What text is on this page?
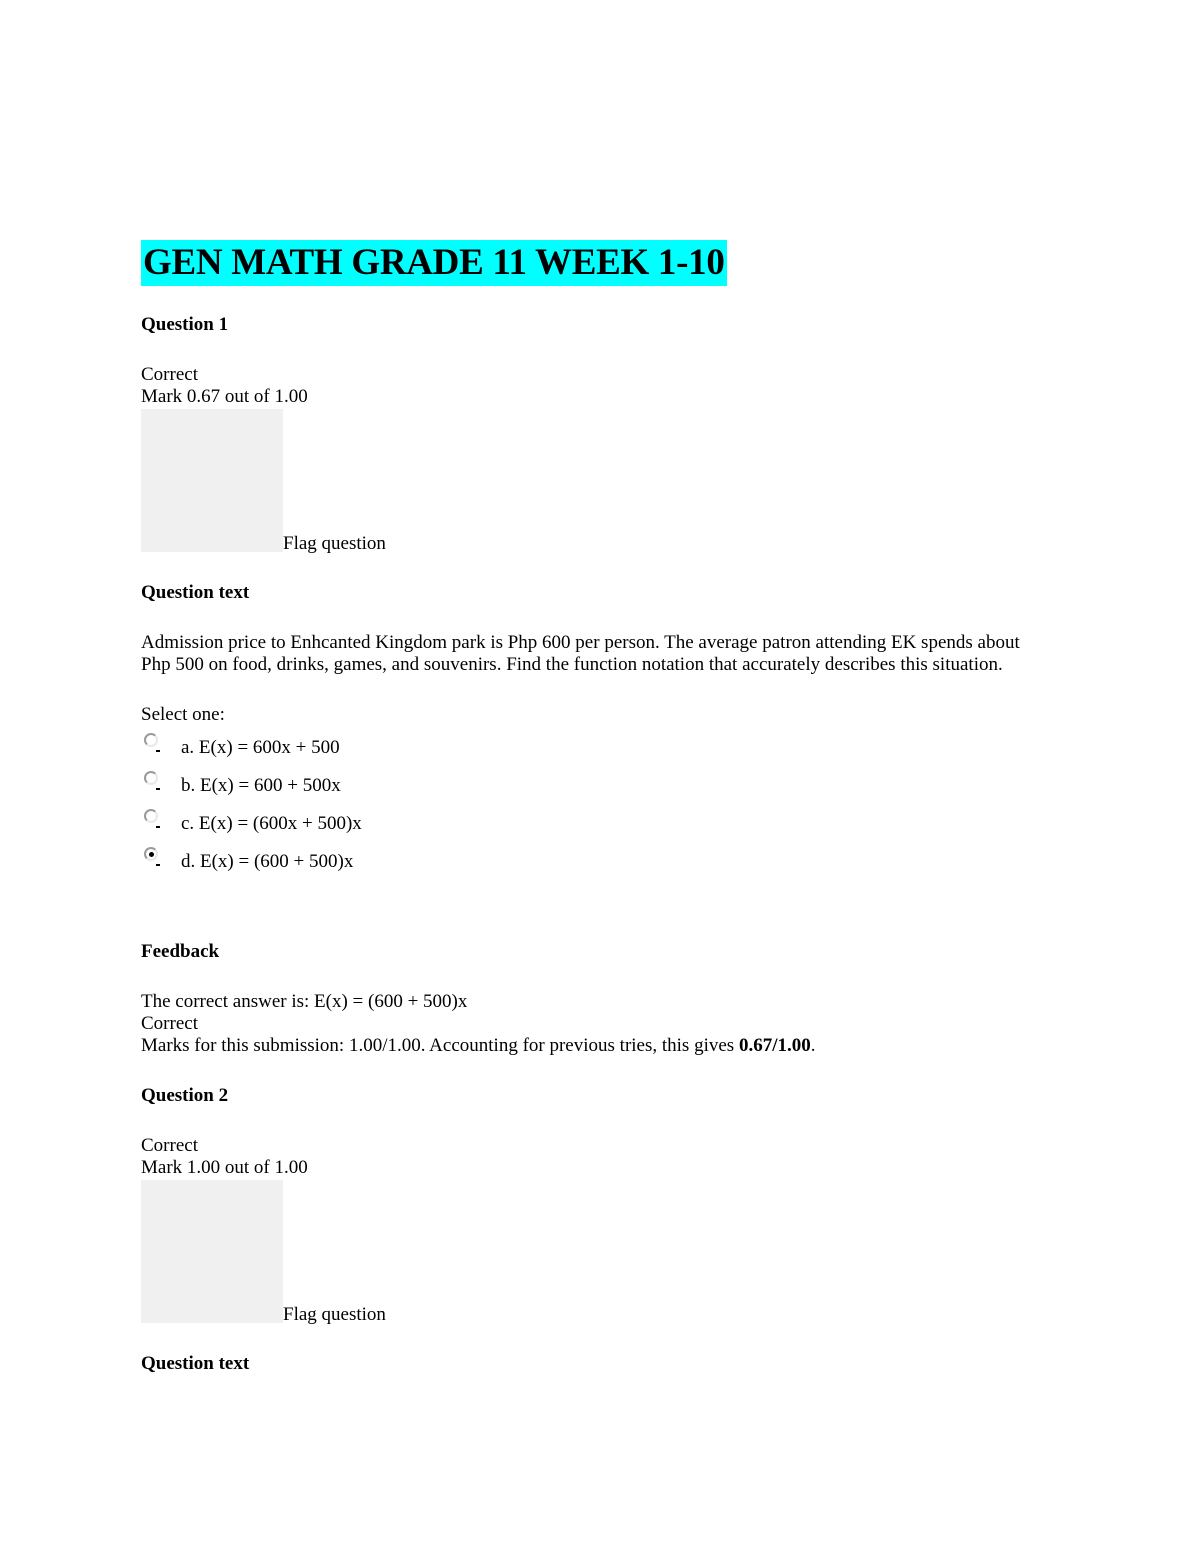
GEN MATH GRADE 11 WEEK 1-10

Question 1

Correct

Mark 0.67 out of 1.00

Flag question

Question text

Admission price to Enhcanted Kingdom park is Php 600 per person. The average patron attending EK spends about

Php 500 on food, drinks, games, and souvenirs. Find the function notation that accurately describes this situation.

Select one:

a. E(x) = 600x + 500
b. E(x) = 600 + 500x
c. E(x) = (600x + 500)x
d. E(x) = (600 + 500)x

Feedback

The correct answer is: E(x) = (600 + 500)x

Correct

Marks for this submission: 1.00/1.00. Accounting for previous tries, this gives 0.67/1.00.

Question 2

Correct

Mark 1.00 out of 1.00

Flag question

Question text
